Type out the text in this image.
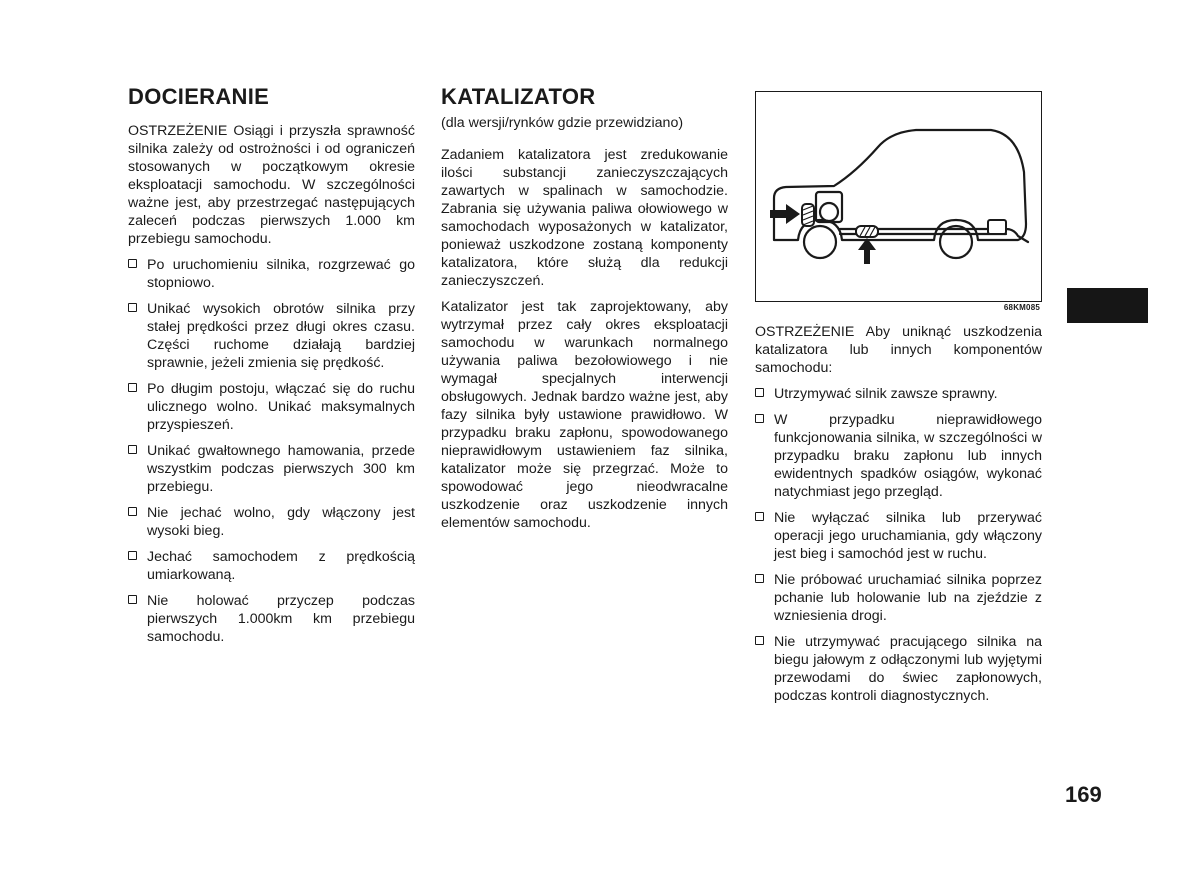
DOCIERANIE

OSTRZEŻENIE Osiągi i przyszła sprawność silnika zależy od ostrożności i od ograniczeń stosowanych w początkowym okresie eksploatacji samochodu. W szczególności ważne jest, aby przestrzegać następujących zaleceń podczas pierwszych 1.000 km przebiegu samochodu.

Po uruchomieniu silnika, rozgrzewać go stopniowo.
Unikać wysokich obrotów silnika przy stałej prędkości przez długi okres czasu. Części ruchome działają bardziej sprawnie, jeżeli zmienia się prędkość.
Po długim postoju, włączać się do ruchu ulicznego wolno. Unikać maksymalnych przyspieszeń.
Unikać gwałtownego hamowania, przede wszystkim podczas pierwszych 300 km przebiegu.
Nie jechać wolno, gdy włączony jest wysoki bieg.
Jechać samochodem z prędkością umiarkowaną.
Nie holować przyczep podczas pierwszych 1.000km km przebiegu samochodu.
KATALIZATOR

(dla wersji/rynków gdzie przewidziano)

Zadaniem katalizatora jest zredukowanie ilości substancji zanieczyszczających zawartych w spalinach w samochodzie. Zabrania się używania paliwa ołowiowego w samochodach wyposażonych w katalizator, ponieważ uszkodzone zostaną komponenty katalizatora, które służą dla redukcji zanieczyszczeń.

Katalizator jest tak zaprojektowany, aby wytrzymał przez cały okres eksploatacji samochodu w warunkach normalnego używania paliwa bezołowiowego i nie wymagał specjalnych interwencji obsługowych. Jednak bardzo ważne jest, aby fazy silnika były ustawione prawidłowo. W przypadku braku zapłonu, spowodowanego nieprawidłowym ustawieniem faz silnika, katalizator może się przegrzać. Może to spowodować jego nieodwracalne uszkodzenie oraz uszkodzenie innych elementów samochodu.

68KM085

OSTRZEŻENIE Aby uniknąć uszkodzenia katalizatora lub innych komponentów samochodu:

Utrzymywać silnik zawsze sprawny.
W przypadku nieprawidłowego funkcjonowania silnika, w szczególności w przypadku braku zapłonu lub innych ewidentnych spadków osiągów, wykonać natychmiast jego przegląd.
Nie wyłączać silnika lub przerywać operacji jego uruchamiania, gdy włączony jest bieg i samochód jest w ruchu.
Nie próbować uruchamiać silnika poprzez pchanie lub holowanie lub na zjeździe z wzniesienia drogi.
Nie utrzymywać pracującego silnika na biegu jałowym z odłączonymi lub wyjętymi przewodami do świec zapłonowych, podczas kontroli diagnostycznych.
169
